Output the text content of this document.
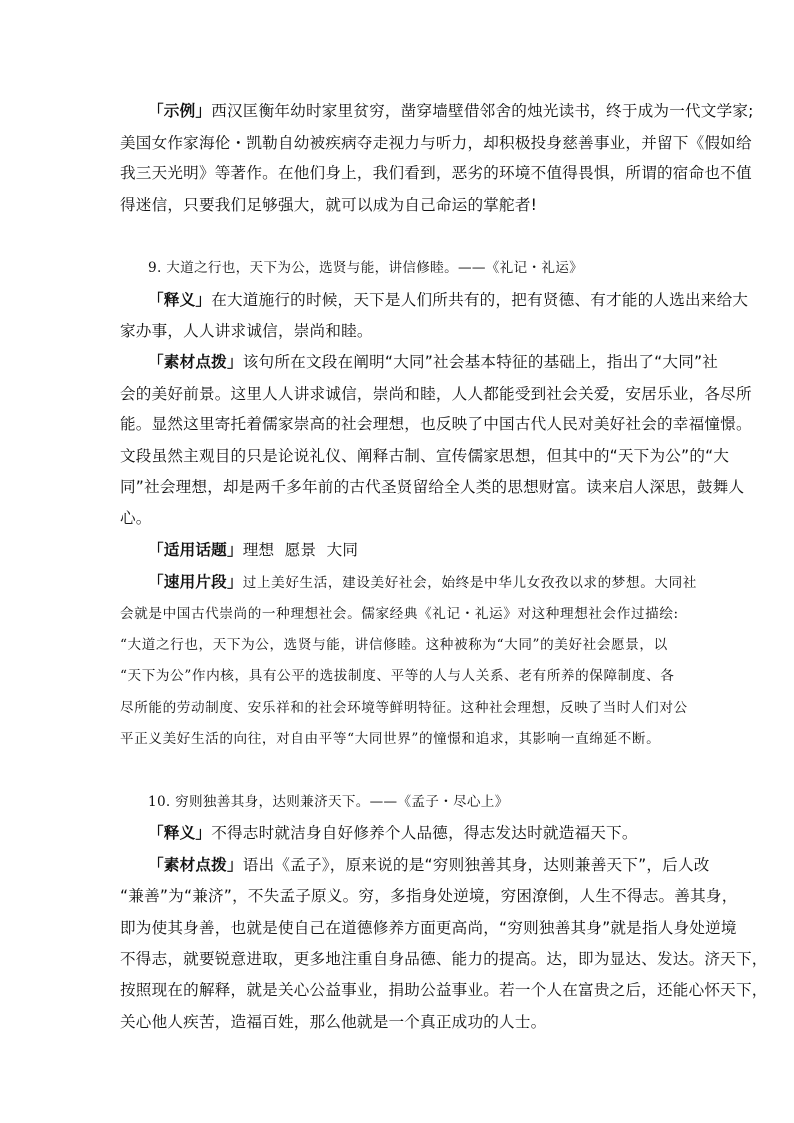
「示例」西汉匡衡年幼时家里贫穷，凿穿墙壁借邻舍的烛光读书，终于成为一代文学家;
美国女作家海伦・凯勒自幼被疾病夺走视力与听力，却积极投身慈善事业，并留下《假如给
我三天光明》等著作。在他们身上，我们看到，恶劣的环境不值得畏惧，所谓的宿命也不值
得迷信，只要我们足够强大，就可以成为自己命运的掌舵者!
9. 大道之行也，天下为公，选贤与能，讲信修睦。——《礼记・礼运》
「释义」在大道施行的时候，天下是人们所共有的，把有贤德、有才能的人选出来给大
家办事，人人讲求诚信，崇尚和睦。
「素材点拨」该句所在文段在阐明“大同”社会基本特征的基础上，指出了“大同”社
会的美好前景。这里人人讲求诚信，崇尚和睦，人人都能受到社会关爱，安居乐业，各尽所
能。显然这里寄托着儒家崇高的社会理想，也反映了中国古代人民对美好社会的幸福憧憬。
文段虽然主观目的只是论说礼仪、阐释古制、宣传儒家思想，但其中的“天下为公”的“大
同”社会理想，却是两千多年前的古代圣贤留给全人类的思想财富。读来启人深思，鼓舞人
心。
「适用话题」理想  愿景  大同
「速用片段」过上美好生活，建设美好社会，始终是中华儿女孜孜以求的梦想。大同社
会就是中国古代崇尚的一种理想社会。儒家经典《礼记・礼运》对这种理想社会作过描绘:
“大道之行也，天下为公，选贤与能，讲信修睦。这种被称为“大同”的美好社会愿景，以
“天下为公”作内核，具有公平的选拔制度、平等的人与人关系、老有所养的保障制度、各
尽所能的劳动制度、安乐祥和的社会环境等鲜明特征。这种社会理想，反映了当时人们对公
平正义美好生活的向往，对自由平等“大同世界”的憧憬和追求，其影响一直绵延不断。
10. 穷则独善其身，达则兼济天下。——《孟子・尽心上》
「释义」不得志时就洁身自好修养个人品德，得志发达时就造福天下。
「素材点拨」语出《孟子》，原来说的是“穷则独善其身，达则兼善天下”，后人改
“兼善”为“兼济”，不失孟子原义。穷，多指身处逆境，穷困潦倒，人生不得志。善其身，
即为使其身善，也就是使自己在道德修养方面更高尚，“穷则独善其身”就是指人身处逆境
不得志，就要锐意进取，更多地注重自身品德、能力的提高。达，即为显达、发达。济天下，
按照现在的解释，就是关心公益事业，捐助公益事业。若一个人在富贵之后，还能心怀天下，
关心他人疾苦，造福百姓，那么他就是一个真正成功的人士。
